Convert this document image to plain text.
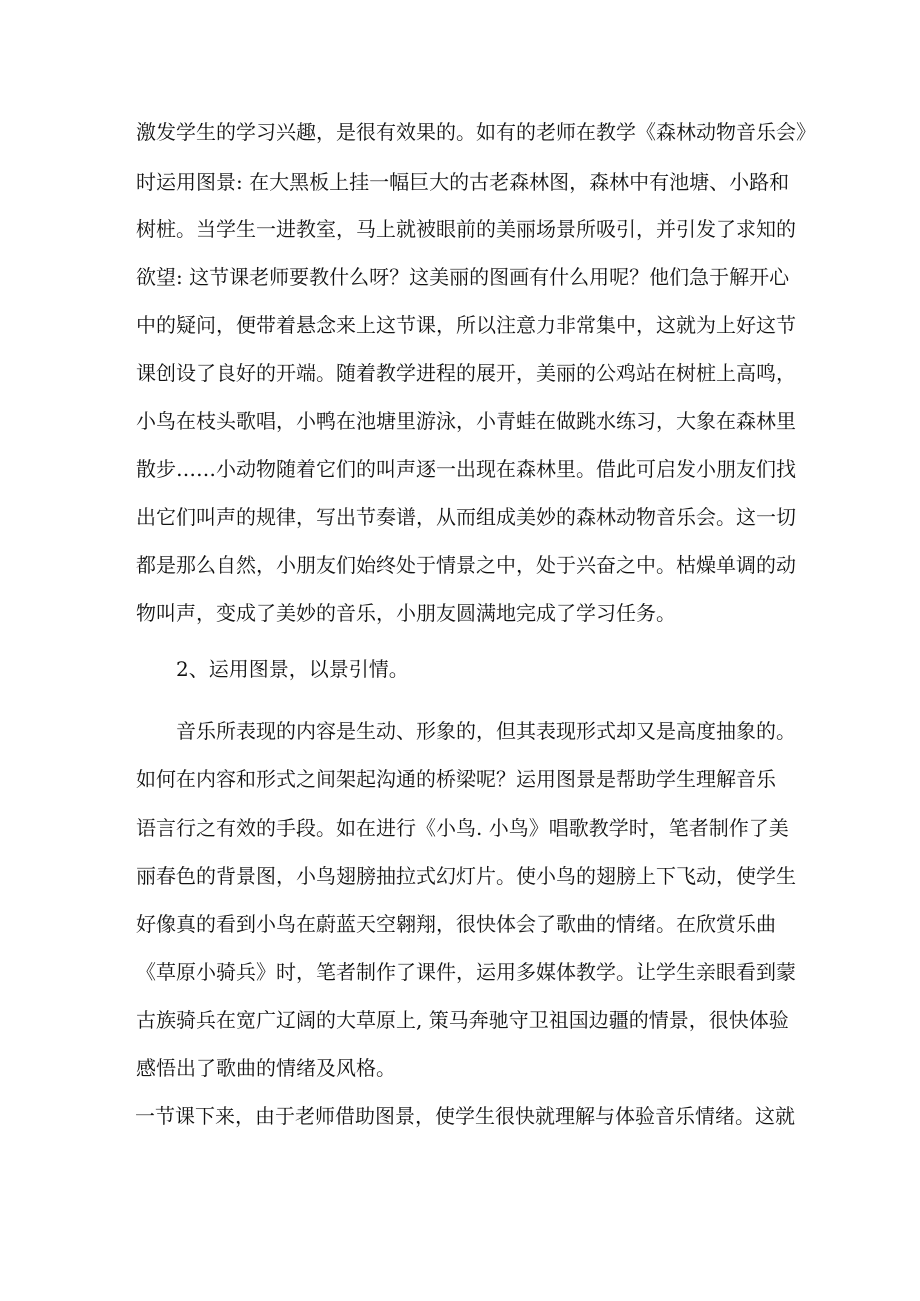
激发学生的学习兴趣，是很有效果的。如有的老师在教学《森林动物音乐会》
时运用图景: 在大黑板上挂一幅巨大的古老森林图，森林中有池塘、小路和
树桩。当学生一进教室，马上就被眼前的美丽场景所吸引，并引发了求知的
欲望: 这节课老师要教什么呀？这美丽的图画有什么用呢？他们急于解开心
中的疑问，便带着悬念来上这节课，所以注意力非常集中，这就为上好这节
课创设了良好的开端。随着教学进程的展开，美丽的公鸡站在树桩上高鸣，
小鸟在枝头歌唱，小鸭在池塘里游泳，小青蛙在做跳水练习，大象在森林里
散步……小动物随着它们的叫声逐一出现在森林里。借此可启发小朋友们找
出它们叫声的规律，写出节奏谱，从而组成美妙的森林动物音乐会。这一切
都是那么自然，小朋友们始终处于情景之中，处于兴奋之中。枯燥单调的动
物叫声，变成了美妙的音乐，小朋友圆满地完成了学习任务。
2、运用图景，以景引情。
音乐所表现的内容是生动、形象的，但其表现形式却又是高度抽象的。
如何在内容和形式之间架起沟通的桥梁呢？运用图景是帮助学生理解音乐
语言行之有效的手段。如在进行《小鸟. 小鸟》唱歌教学时，笔者制作了美
丽春色的背景图，小鸟翅膀抽拉式幻灯片。使小鸟的翅膀上下飞动，使学生
好像真的看到小鸟在蔚蓝天空翱翔，很快体会了歌曲的情绪。在欣赏乐曲
《草原小骑兵》时，笔者制作了课件，运用多媒体教学。让学生亲眼看到蒙
古族骑兵在宽广辽阔的大草原上, 策马奔驰守卫祖国边疆的情景，很快体验
感悟出了歌曲的情绪及风格。
一节课下来，由于老师借助图景，使学生很快就理解与体验音乐情绪。这就
